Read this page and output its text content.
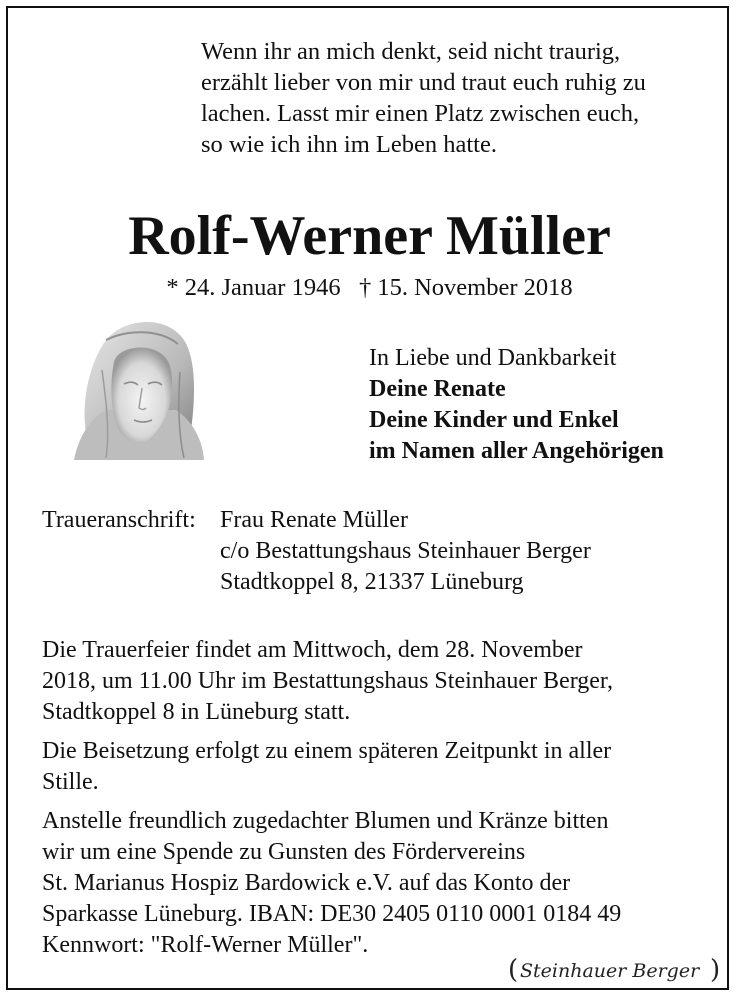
Wenn ihr an mich denkt, seid nicht traurig,
erzählt lieber von mir und traut euch ruhig zu
lachen. Lasst mir einen Platz zwischen euch,
so wie ich ihn im Leben hatte.
Rolf-Werner Müller
* 24. Januar 1946   † 15. November 2018
In Liebe und Dankbarkeit
Deine Renate
Deine Kinder und Enkel
im Namen aller Angehörigen
Traueranschrift:	Frau Renate Müller
c/o Bestattungshaus Steinhauer Berger
Stadtkoppel 8, 21337 Lüneburg
Die Trauerfeier findet am Mittwoch, dem 28. November
2018, um 11.00 Uhr im Bestattungshaus Steinhauer Berger,
Stadtkoppel 8 in Lüneburg statt.
Die Beisetzung erfolgt zu einem späteren Zeitpunkt in aller
Stille.
Anstelle freundlich zugedachter Blumen und Kränze bitten
wir um eine Spende zu Gunsten des Fördervereins
St. Marianus Hospiz Bardowick e.V. auf das Konto der
Sparkasse Lüneburg. IBAN: DE30 2405 0110 0001 0184 49
Kennwort: "Rolf-Werner Müller".
( Steinhauer Berger )
